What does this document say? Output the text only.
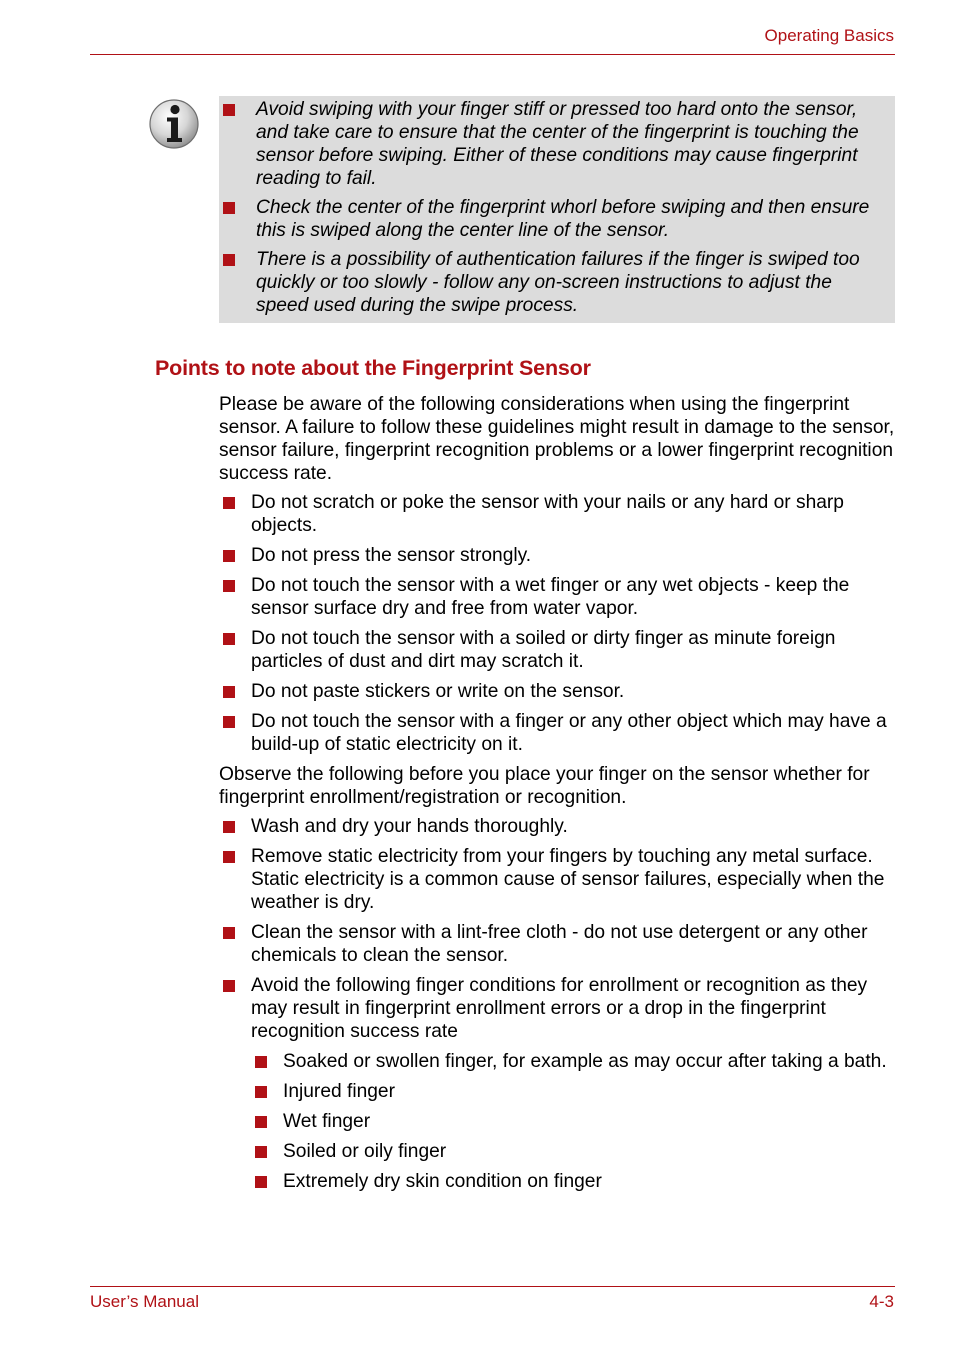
Operating Basics
Avoid swiping with your finger stiff or pressed too hard onto the sensor, and take care to ensure that the center of the fingerprint is touching the sensor before swiping. Either of these conditions may cause fingerprint reading to fail.
Check the center of the fingerprint whorl before swiping and then ensure this is swiped along the center line of the sensor.
There is a possibility of authentication failures if the finger is swiped too quickly or too slowly - follow any on-screen instructions to adjust the speed used during the swipe process.
Points to note about the Fingerprint Sensor

Please be aware of the following considerations when using the fingerprint sensor. A failure to follow these guidelines might result in damage to the sensor, sensor failure, fingerprint recognition problems or a lower fingerprint recognition success rate.

Do not scratch or poke the sensor with your nails or any hard or sharp objects.
Do not press the sensor strongly.
Do not touch the sensor with a wet finger or any wet objects - keep the sensor surface dry and free from water vapor.
Do not touch the sensor with a soiled or dirty finger as minute foreign particles of dust and dirt may scratch it.
Do not paste stickers or write on the sensor.
Do not touch the sensor with a finger or any other object which may have a build-up of static electricity on it.

Observe the following before you place your finger on the sensor whether for fingerprint enrollment/registration or recognition.

Wash and dry your hands thoroughly.
Remove static electricity from your fingers by touching any metal surface. Static electricity is a common cause of sensor failures, especially when the weather is dry.
Clean the sensor with a lint-free cloth - do not use detergent or any other chemicals to clean the sensor.
Avoid the following finger conditions for enrollment or recognition as they may result in fingerprint enrollment errors or a drop in the fingerprint recognition success rate
Soaked or swollen finger, for example as may occur after taking a bath.
Injured finger
Wet finger
Soiled or oily finger
Extremely dry skin condition on finger
User’s Manual	4-3
